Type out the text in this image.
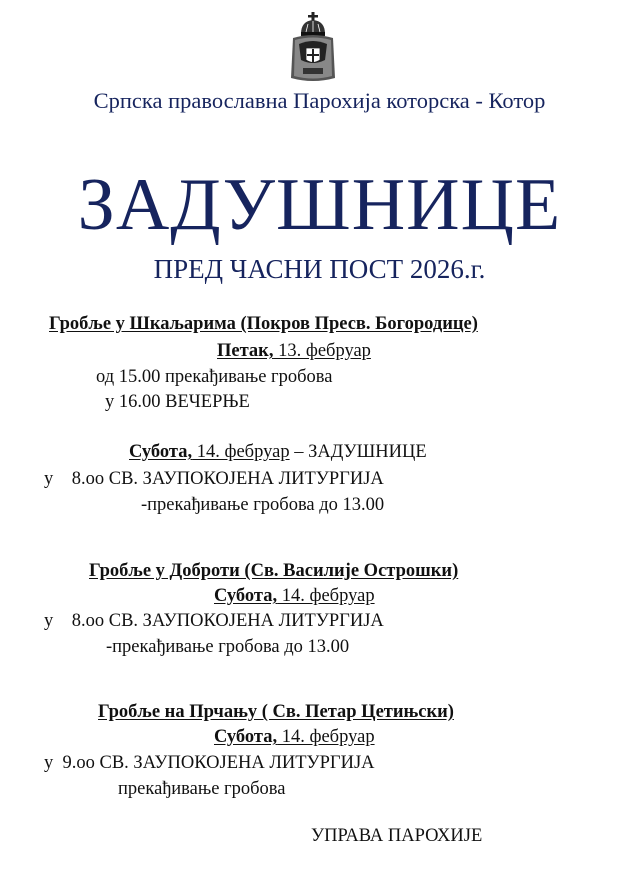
Српска православна Парохија которска - Котор
ЗАДУШНИЦЕ
ПРЕД ЧАСНИ ПОСТ 2026.г.
Гробље у Шкаљарима (Покров Пресв. Богородице)
Петак, 13. фебруар
од 15.00 прекађивање гробова
у 16.00 ВЕЧЕРЊЕ
Субота, 14. фебруар – ЗАДУШНИЦЕ
у    8.oo СВ. ЗАУПОКОЈЕНА ЛИТУРГИЈА
-прекађивање гробова до 13.00
Гробље у Доброти (Св. Василије Острошки)
Субота, 14. фебруар
у    8.oo СВ. ЗАУПОКОЈЕНА ЛИТУРГИЈА
-прекађивање гробова до 13.00
Гробље на Прчању ( Св. Петар Цетињски)
Субота, 14. фебруар
у  9.oo СВ. ЗАУПОКОЈЕНА ЛИТУРГИЈА
прекађивање гробова
УПРАВА ПАРОХИЈЕ
